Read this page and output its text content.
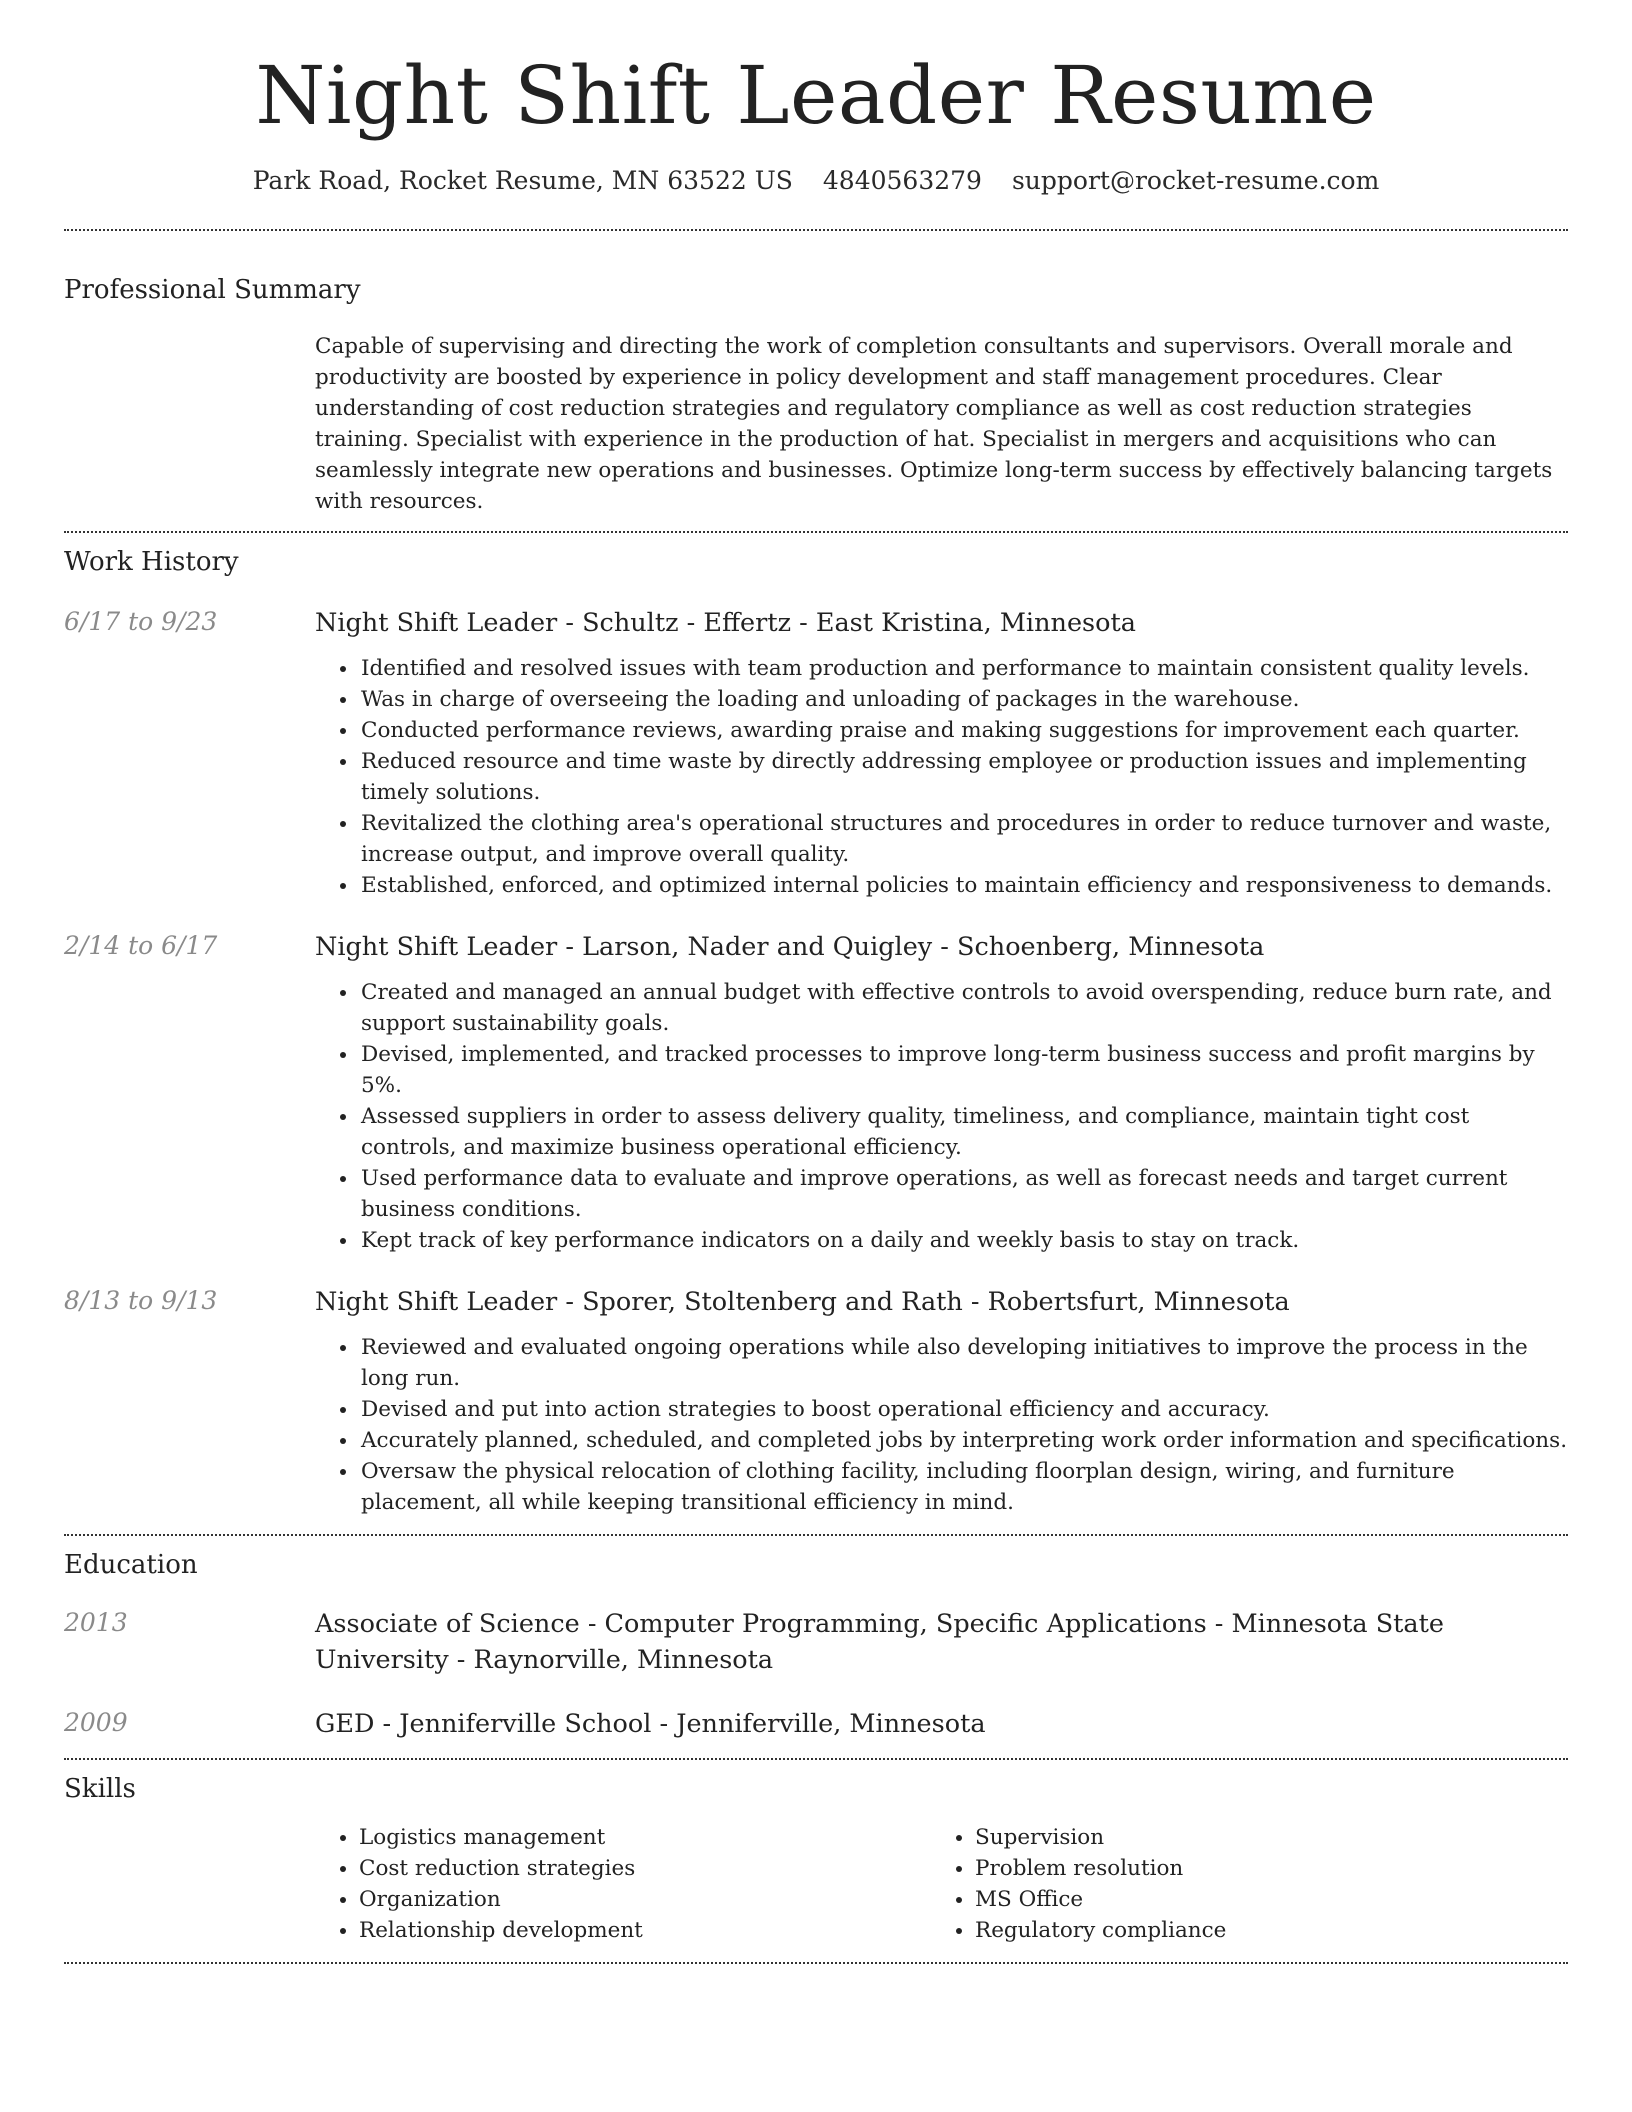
Night Shift Leader Resume
Park Road, Rocket Resume, MN 63522 US 4840563279 support@rocket-resume.com
Professional Summary
Capable of supervising and directing the work of completion consultants and supervisors. Overall morale and productivity are boosted by experience in policy development and staff management procedures. Clear understanding of cost reduction strategies and regulatory compliance as well as cost reduction strategies training. Specialist with experience in the production of hat. Specialist in mergers and acquisitions who can seamlessly integrate new operations and businesses. Optimize long-term success by effectively balancing targets with resources.
Work History
6/17 to 9/23	Night Shift Leader - Schultz - Effertz - East Kristina, Minnesota
• Identified and resolved issues with team production and performance to maintain consistent quality levels.
• Was in charge of overseeing the loading and unloading of packages in the warehouse.
• Conducted performance reviews, awarding praise and making suggestions for improvement each quarter.
• Reduced resource and time waste by directly addressing employee or production issues and implementing timely solutions.
• Revitalized the clothing area's operational structures and procedures in order to reduce turnover and waste, increase output, and improve overall quality.
• Established, enforced, and optimized internal policies to maintain efficiency and responsiveness to demands.
2/14 to 6/17	Night Shift Leader - Larson, Nader and Quigley - Schoenberg, Minnesota
• Created and managed an annual budget with effective controls to avoid overspending, reduce burn rate, and support sustainability goals.
• Devised, implemented, and tracked processes to improve long-term business success and profit margins by 5%.
• Assessed suppliers in order to assess delivery quality, timeliness, and compliance, maintain tight cost controls, and maximize business operational efficiency.
• Used performance data to evaluate and improve operations, as well as forecast needs and target current business conditions.
• Kept track of key performance indicators on a daily and weekly basis to stay on track.
8/13 to 9/13	Night Shift Leader - Sporer, Stoltenberg and Rath - Robertsfurt, Minnesota
• Reviewed and evaluated ongoing operations while also developing initiatives to improve the process in the long run.
• Devised and put into action strategies to boost operational efficiency and accuracy.
• Accurately planned, scheduled, and completed jobs by interpreting work order information and specifications.
• Oversaw the physical relocation of clothing facility, including floorplan design, wiring, and furniture placement, all while keeping transitional efficiency in mind.
Education
2013	Associate of Science - Computer Programming, Specific Applications - Minnesota State University - Raynorville, Minnesota
2009	GED - Jenniferville School - Jenniferville, Minnesota
Skills
• Logistics management
• Cost reduction strategies
• Organization
• Relationship development
• Supervision
• Problem resolution
• MS Office
• Regulatory compliance
